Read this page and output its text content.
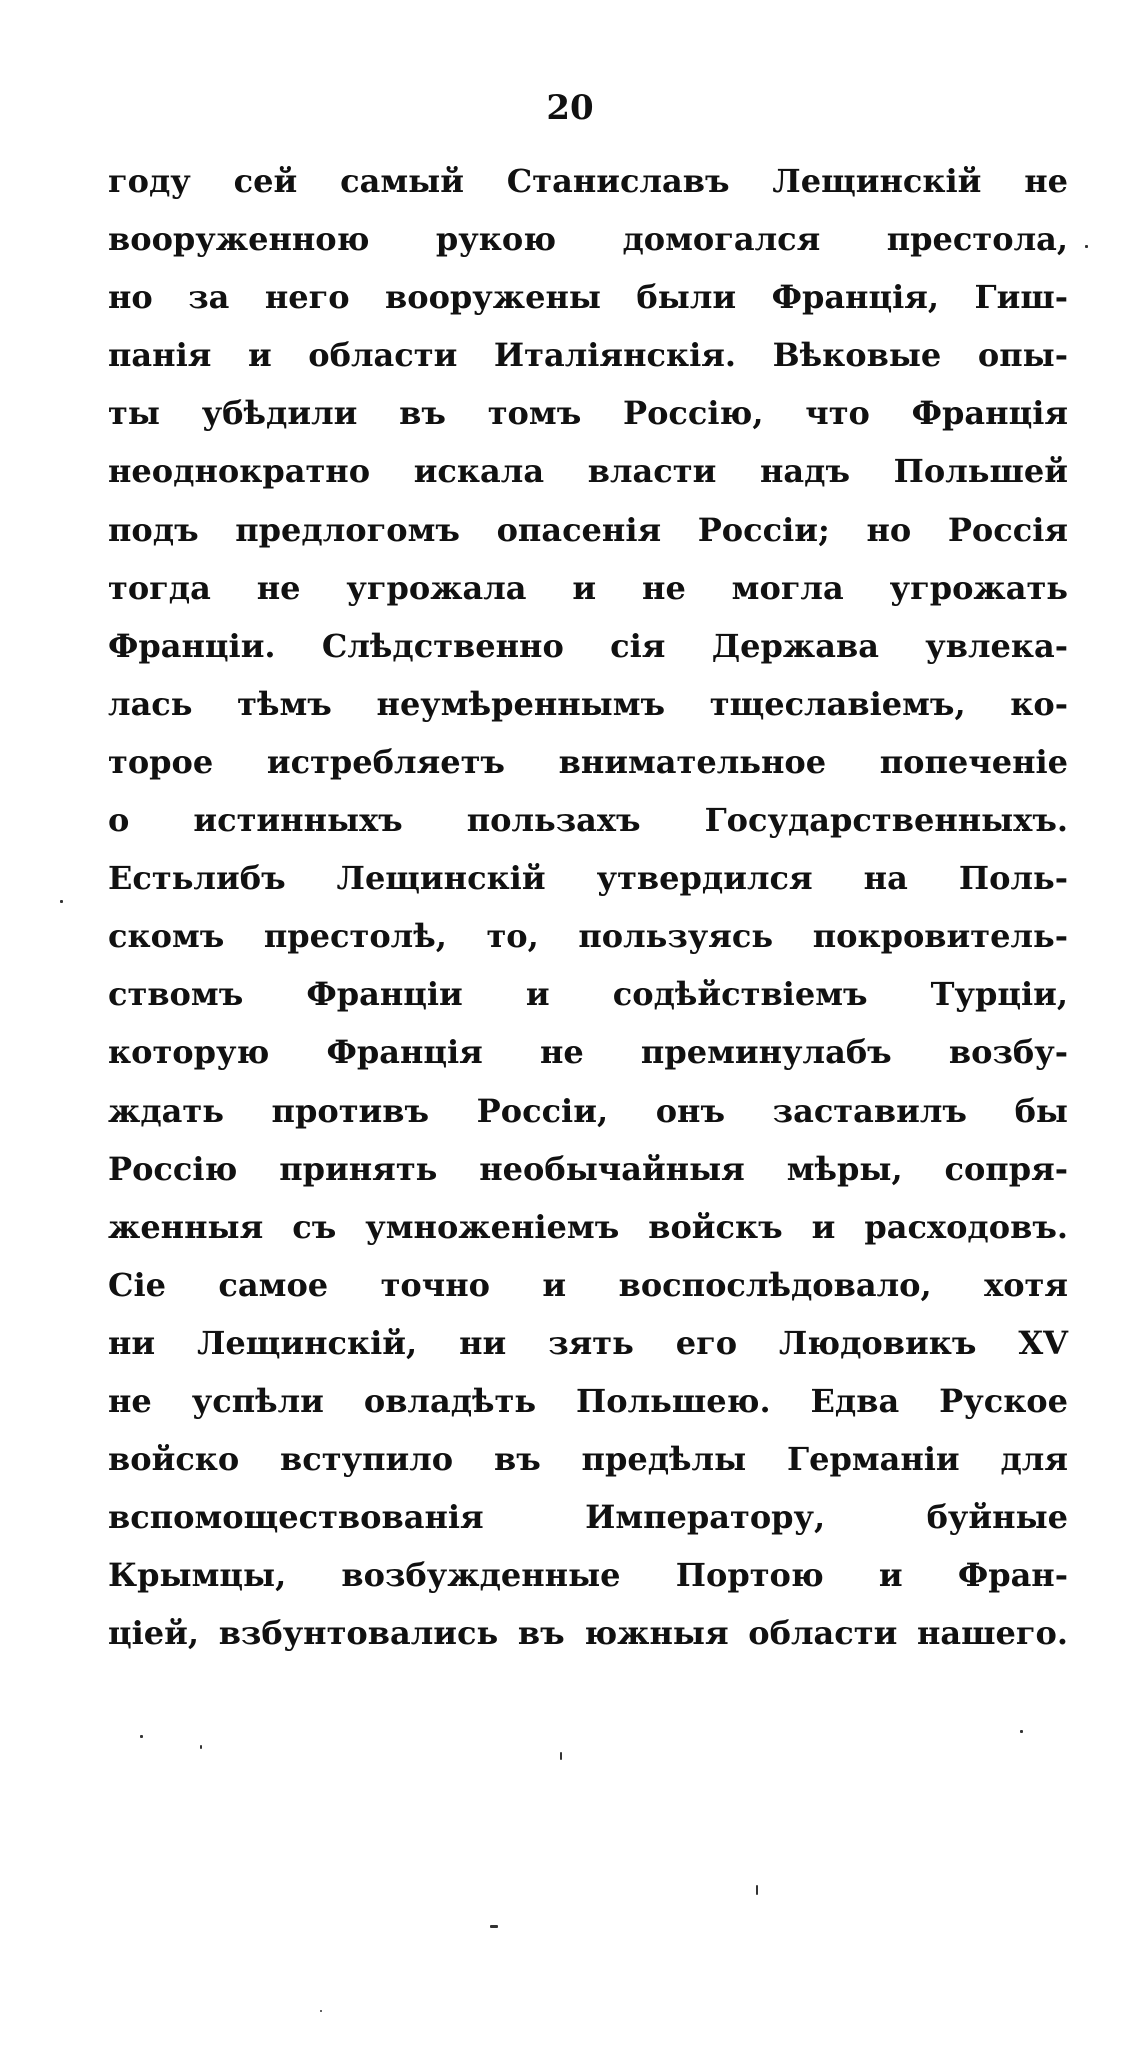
20
году сей самый Станиславъ Лещинскій не
вооруженною рукою домогался престола,
но за него вооружены были Франція, Гиш-
панія и области Италіянскія. Вѣковые опы-
ты убѣдили въ томъ Россію, что Франція
неоднократно искала власти надъ Польшей
подъ предлогомъ опасенія Россіи; но Россія
тогда не угрожала и не могла угрожать
Франціи. Слѣдственно сія Держава увлека-
лась тѣмъ неумѣреннымъ тщеславіемъ, ко-
торое истребляетъ внимательное попеченіе
о истинныхъ пользахъ Государственныхъ.
Естьлибъ Лещинскій утвердился на Поль-
скомъ престолѣ, то, пользуясь покровитель-
ствомъ Франціи и содѣйствіемъ Турціи,
которую Франція не преминулабъ возбу-
ждать противъ Россіи, онъ заставилъ бы
Россію принять необычайныя мѣры, сопря-
женныя съ умноженіемъ войскъ и расходовъ.
Сіе самое точно и воспослѣдовало, хотя
ни Лещинскій, ни зять его Людовикъ XV
не успѣли овладѣть Польшею. Едва Руское
войско вступило въ предѣлы Германіи для
вспомоществованія Императору, буйные
Крымцы, возбужденные Портою и Фран-
ціей, взбунтовались въ южныя области нашего.
